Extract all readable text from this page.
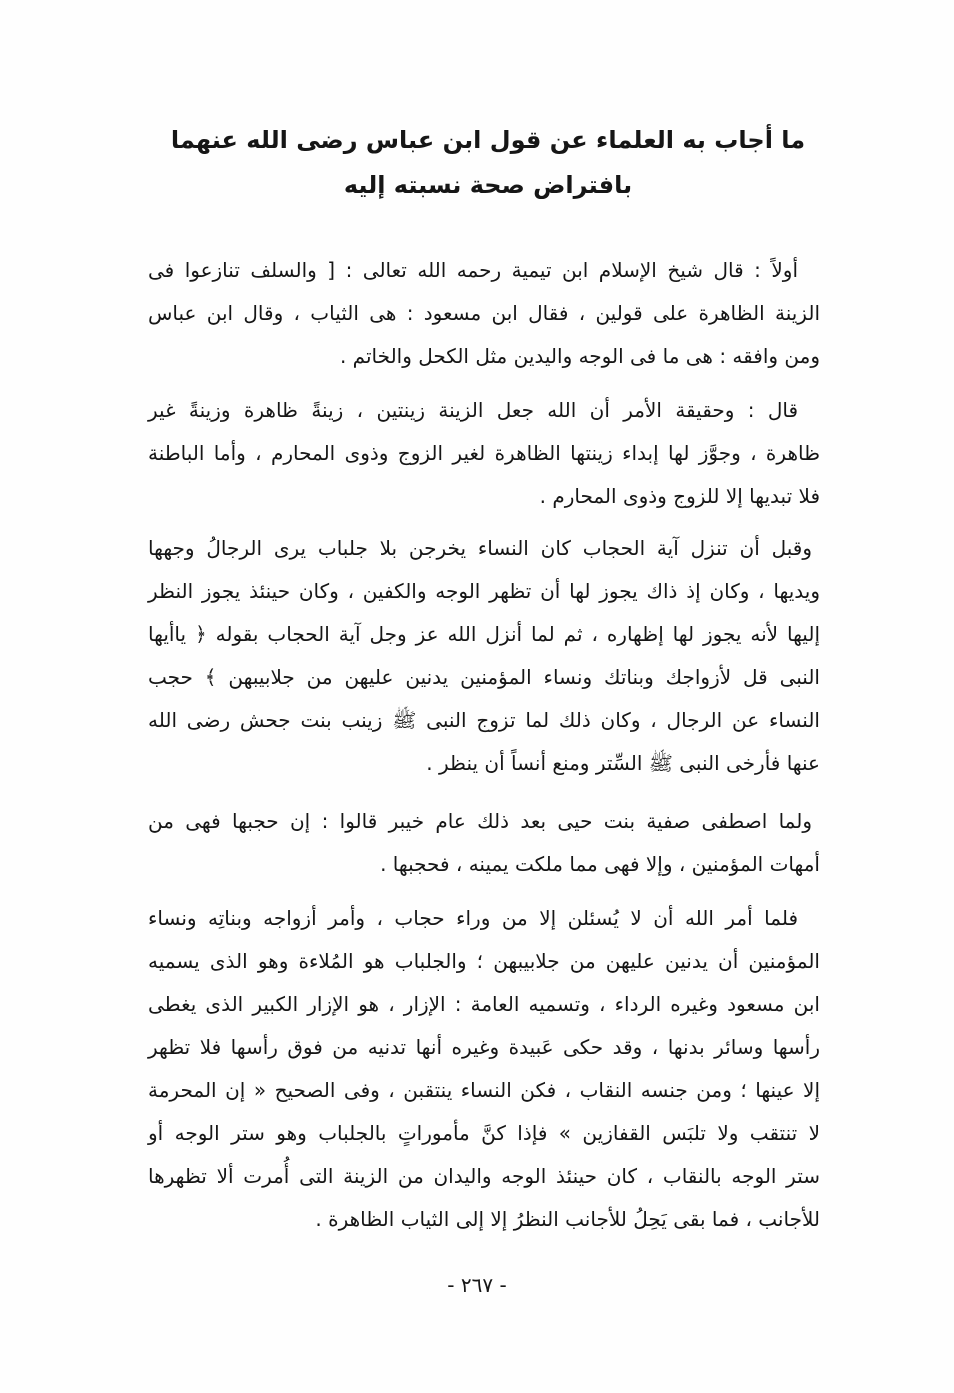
ما أجاب به العلماء عن قول ابن عباس رضى الله عنهما
بافتراض صحة نسبته إليه
أولاً : قال شيخ الإسلام ابن تيمية رحمه الله تعالى : [ والسلف تنازعوا فى
الزينة الظاهرة على قولين ، فقال ابن مسعود : هى الثياب ، وقال ابن عباس
ومن وافقه : هى ما فى الوجه واليدين مثل الكحل والخاتم .
قال : وحقيقة الأمر أن الله جعل الزينة زينتين ، زينةً ظاهرة وزينةً غير
ظاهرة ، وجوَّز لها إبداء زينتها الظاهرة لغير الزوج وذوى المحارم ، وأما الباطنة
فلا تبديها إلا للزوج وذوى المحارم .
وقبل أن تنزل آية الحجاب كان النساء يخرجن بلا جلباب يرى الرجالُ وجهها
ويديها ، وكان إذ ذاك يجوز لها أن تظهر الوجه والكفين ، وكان حينئذ يجوز النظر
إليها لأنه يجوز لها إظهاره ، ثم لما أنزل الله عز وجل آية الحجاب بقوله ﴿ ياأيها
النبى قل لأزواجك وبناتك ونساء المؤمنين يدنين عليهن من جلابيبهن ﴾ حجب
النساء عن الرجال ، وكان ذلك لما تزوج النبى ﷺ زينب بنت جحش رضى الله
عنها فأرخى النبى ﷺ السِّتر ومنع أنساً أن ينظر .
ولما اصطفى صفية بنت حيى بعد ذلك عام خيبر قالوا : إن حجبها فهى من
أمهات المؤمنين ، وإلا فهى مما ملكت يمينه ، فحجبها .
فلما أمر الله أن لا يُسئلن إلا من وراء حجاب ، وأمر أزواجه وبناتِه ونساء
المؤمنين أن يدنين عليهن من جلابيبهن ؛ والجلباب هو المُلاءة وهو الذى يسميه
ابن مسعود وغيره الرداء ، وتسميه العامة : الإزار ، هو الإزار الكبير الذى يغطى
رأسها وسائر بدنها ، وقد حكى عَبيدة وغيره أنها تدنيه من فوق رأسها فلا تظهر
إلا عينها ؛ ومن جنسه النقاب ، فكن النساء ينتقبن ، وفى الصحيح « إن المحرمة
لا تنتقب ولا تلبَس القفازين » فإذا كنَّ مأموراتٍ بالجلباب وهو ستر الوجه أو
ستر الوجه بالنقاب ، كان حينئذ الوجه واليدان من الزينة التى أُمرت ألا تظهرها
للأجانب ، فما بقى يَحِلُ للأجانب النظرُ إلا إلى الثياب الظاهرة .
- ٢٦٧ -
